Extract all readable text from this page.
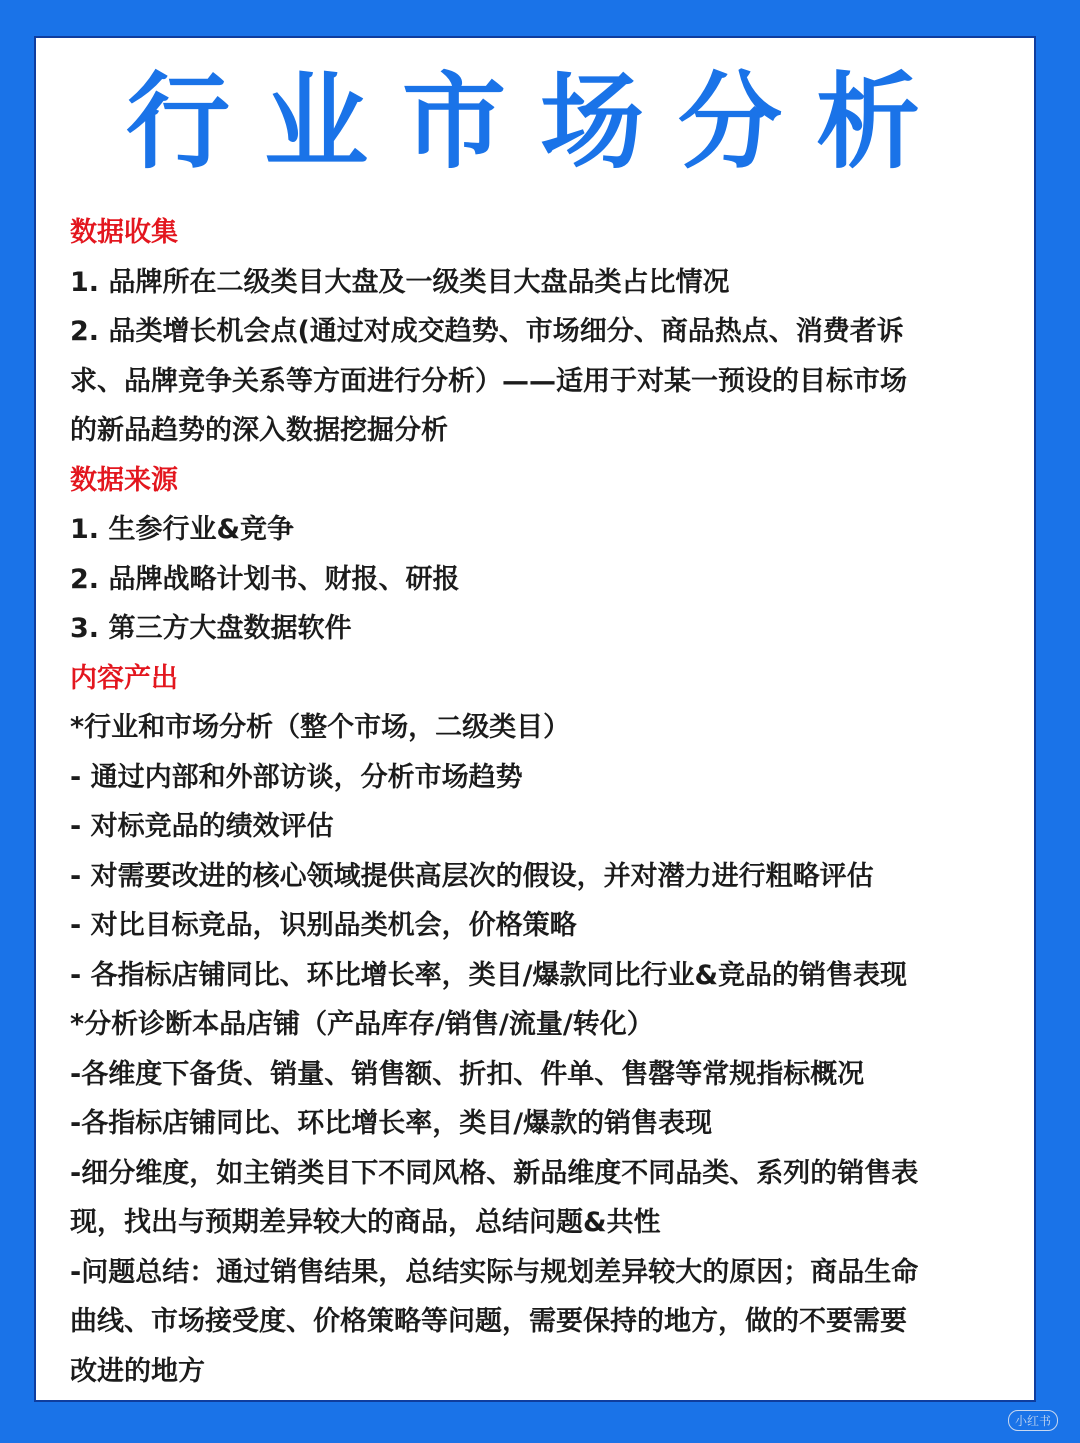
行业市场分析
数据收集
1. 品牌所在二级类目大盘及一级类目大盘品类占比情况
2. 品类增长机会点(通过对成交趋势、市场细分、商品热点、消费者诉
求、品牌竞争关系等方面进行分析）——适用于对某一预设的目标市场
的新品趋势的深入数据挖掘分析
数据来源
1. 生参行业&竞争
2. 品牌战略计划书、财报、研报
3. 第三方大盘数据软件
内容产出
*行业和市场分析（整个市场，二级类目）
- 通过内部和外部访谈，分析市场趋势
- 对标竞品的绩效评估
- 对需要改进的核心领域提供高层次的假设，并对潜力进行粗略评估
- 对比目标竞品，识别品类机会，价格策略
- 各指标店铺同比、环比增长率，类目/爆款同比行业&竞品的销售表现
*分析诊断本品店铺（产品库存/销售/流量/转化）
-各维度下备货、销量、销售额、折扣、件单、售罄等常规指标概况
-各指标店铺同比、环比增长率，类目/爆款的销售表现
-细分维度，如主销类目下不同风格、新品维度不同品类、系列的销售表
现，找出与预期差异较大的商品，总结问题&共性
-问题总结：通过销售结果，总结实际与规划差异较大的原因；商品生命
曲线、市场接受度、价格策略等问题，需要保持的地方，做的不要需要
改进的地方
小红书
